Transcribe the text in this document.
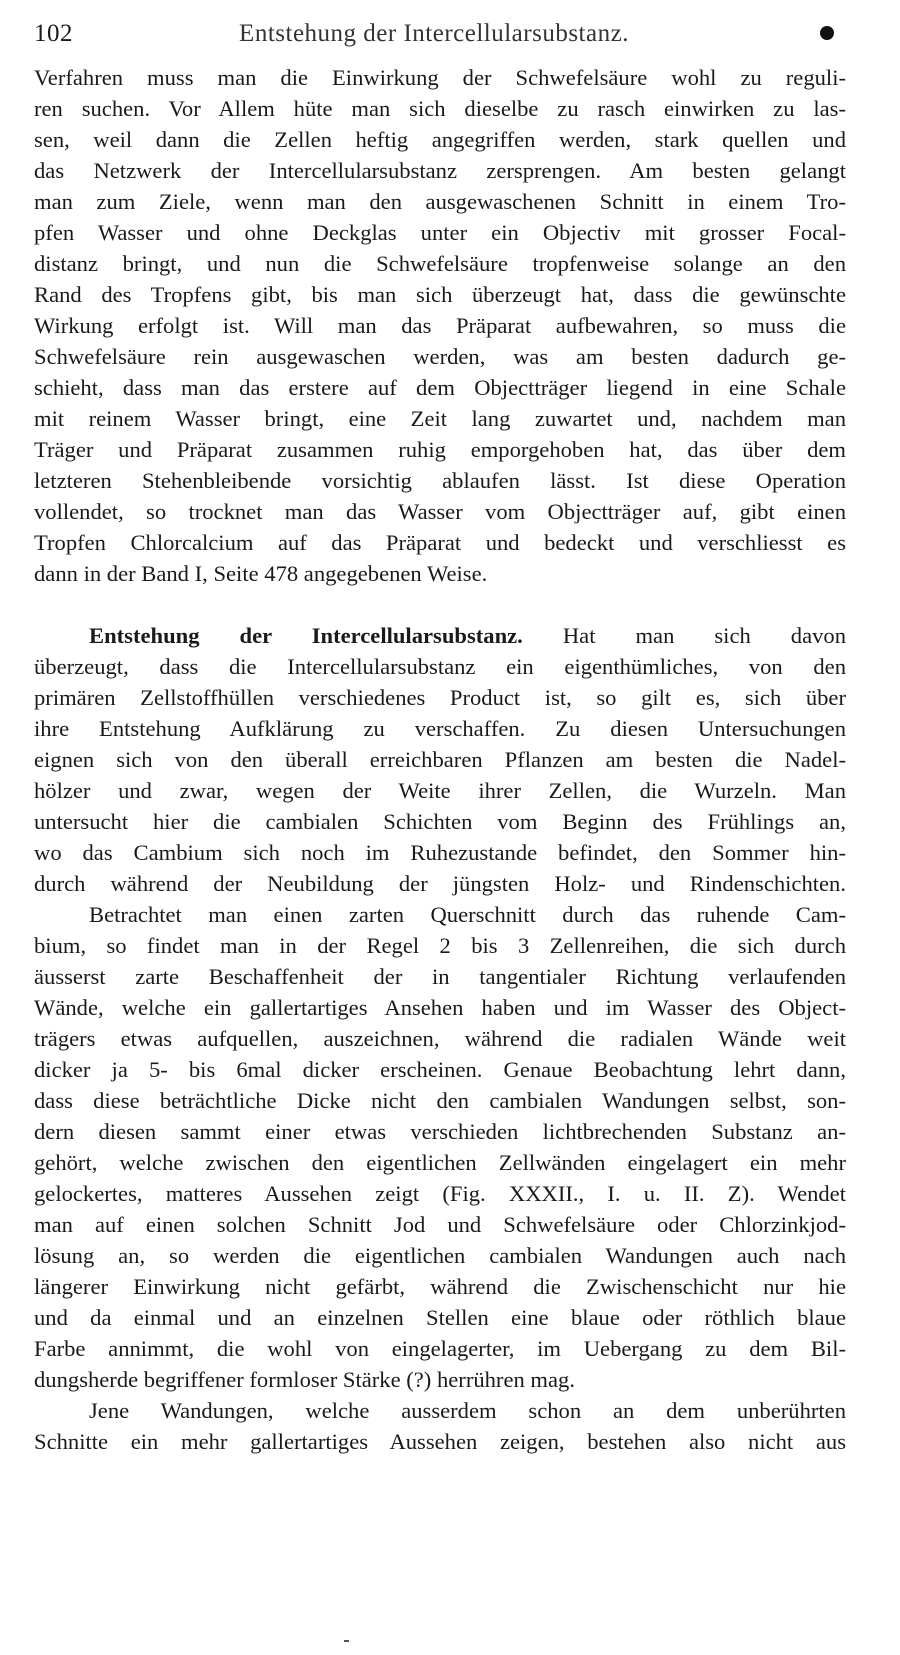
102	Entstehung der Intercellularsubstanz.
Verfahren muss man die Einwirkung der Schwefelsäure wohl zu reguli-
ren suchen. Vor Allem hüte man sich dieselbe zu rasch einwirken zu las-
sen, weil dann die Zellen heftig angegriffen werden, stark quellen und
das Netzwerk der Intercellularsubstanz zersprengen. Am besten gelangt
man zum Ziele, wenn man den ausgewaschenen Schnitt in einem Tro-
pfen Wasser und ohne Deckglas unter ein Objectiv mit grosser Focal-
distanz bringt, und nun die Schwefelsäure tropfenweise solange an den
Rand des Tropfens gibt, bis man sich überzeugt hat, dass die gewünschte
Wirkung erfolgt ist. Will man das Präparat aufbewahren, so muss die
Schwefelsäure rein ausgewaschen werden, was am besten dadurch ge-
schieht, dass man das erstere auf dem Objectträger liegend in eine Schale
mit reinem Wasser bringt, eine Zeit lang zuwartet und, nachdem man
Träger und Präparat zusammen ruhig emporgehoben hat, das über dem
letzteren Stehenbleibende vorsichtig ablaufen lässt. Ist diese Operation
vollendet, so trocknet man das Wasser vom Objectträger auf, gibt einen
Tropfen Chlorcalcium auf das Präparat und bedeckt und verschliesst es
dann in der Band I, Seite 478 angegebenen Weise.
Entstehung der Intercellularsubstanz. Hat man sich davon
überzeugt, dass die Intercellularsubstanz ein eigenthümliches, von den
primären Zellstoffhüllen verschiedenes Product ist, so gilt es, sich über
ihre Entstehung Aufklärung zu verschaffen. Zu diesen Untersuchungen
eignen sich von den überall erreichbaren Pflanzen am besten die Nadel-
hölzer und zwar, wegen der Weite ihrer Zellen, die Wurzeln. Man
untersucht hier die cambialen Schichten vom Beginn des Frühlings an,
wo das Cambium sich noch im Ruhezustande befindet, den Sommer hin-
durch während der Neubildung der jüngsten Holz- und Rindenschichten.
Betrachtet man einen zarten Querschnitt durch das ruhende Cam-
bium, so findet man in der Regel 2 bis 3 Zellenreihen, die sich durch
äusserst zarte Beschaffenheit der in tangentialer Richtung verlaufenden
Wände, welche ein gallertartiges Ansehen haben und im Wasser des Object-
trägers etwas aufquellen, auszeichnen, während die radialen Wände weit
dicker ja 5- bis 6mal dicker erscheinen. Genaue Beobachtung lehrt dann,
dass diese beträchtliche Dicke nicht den cambialen Wandungen selbst, son-
dern diesen sammt einer etwas verschieden lichtbrechenden Substanz an-
gehört, welche zwischen den eigentlichen Zellwänden eingelagert ein mehr
gelockertes, matteres Aussehen zeigt (Fig. XXXII., I. u. II. Z). Wendet
man auf einen solchen Schnitt Jod und Schwefelsäure oder Chlorzinkjod-
lösung an, so werden die eigentlichen cambialen Wandungen auch nach
längerer Einwirkung nicht gefärbt, während die Zwischenschicht nur hie
und da einmal und an einzelnen Stellen eine blaue oder röthlich blaue
Farbe annimmt, die wohl von eingelagerter, im Uebergang zu dem Bil-
dungsherde begriffener formloser Stärke (?) herrühren mag.
Jene Wandungen, welche ausserdem schon an dem unberührten
Schnitte ein mehr gallertartiges Aussehen zeigen, bestehen also nicht aus
